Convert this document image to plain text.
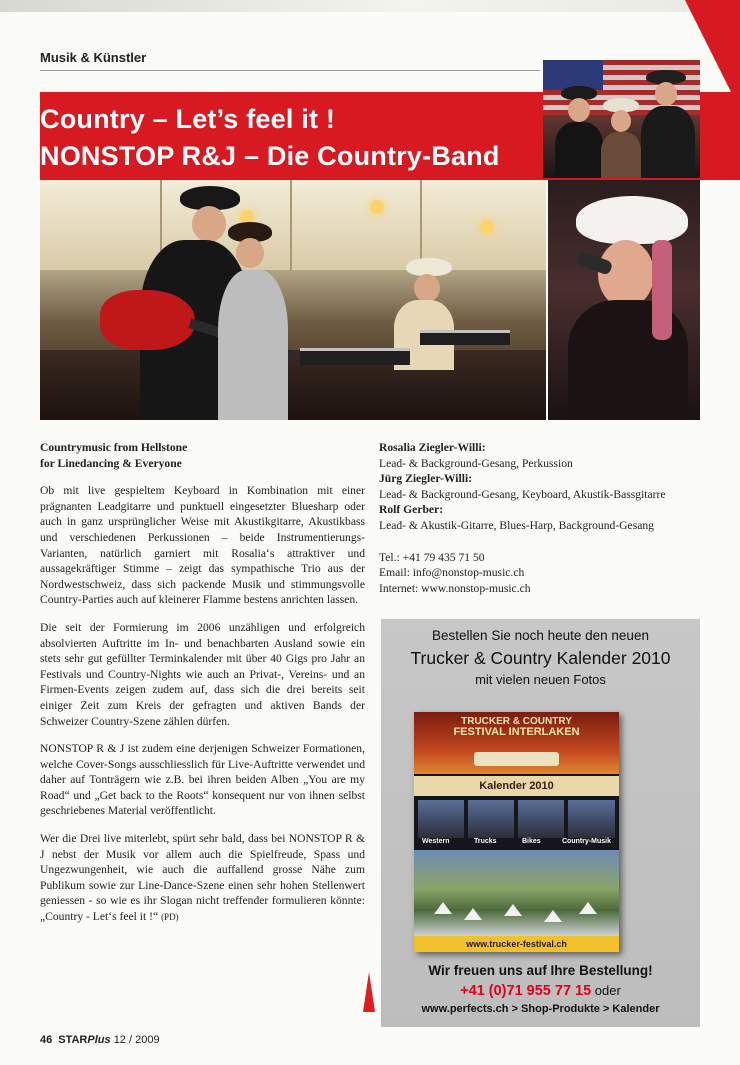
Musik & Künstler
Country – Let’s feel it !
NONSTOP R&J – Die Country-Band
Countrymusic from Hellstone
for Linedancing & Everyone

Ob mit live gespieltem Keyboard in Kombination mit einer prägnanten Leadgitarre und punktuell eingesetzter Bluesharp oder auch in ganz ursprünglicher Weise mit Akustikgitarre, Akustikbass und verschiedenen Perkussionen – beide Instrumentierungs-Varianten, natürlich garniert mit Rosalia‘s attraktiver und aussagekräftiger Stimme – zeigt das sympathische Trio aus der Nordwestschweiz, dass sich packende Musik und stimmungsvolle Country-Parties auch auf kleinerer Flamme bestens anrichten lassen.

Die seit der Formierung im 2006 unzähligen und erfolgreich absolvierten Auftritte im In- und benachbarten Ausland sowie ein stets sehr gut gefüllter Terminkalender mit über 40 Gigs pro Jahr an Festivals und Country-Nights wie auch an Privat-, Vereins- und an Firmen-Events zeigen zudem auf, dass sich die drei bereits seit einiger Zeit zum Kreis der gefragten und aktiven Bands der Schweizer Country-Szene zählen dürfen.

NONSTOP R & J ist zudem eine derjenigen Schweizer Formationen, welche Cover-Songs ausschliesslich für Live-Auftritte verwendet und daher auf Tonträgern wie z.B. bei ihren beiden Alben „You are my Road“ und „Get back to the Roots“ konsequent nur von ihnen selbst geschriebenes Material veröffentlicht.

Wer die Drei live miterlebt, spürt sehr bald, dass bei NONSTOP R & J nebst der Musik vor allem auch die Spielfreude, Spass und Ungezwungenheit, wie auch die auffallend grosse Nähe zum Publikum sowie zur Line-Dance-Szene einen sehr hohen Stellenwert geniessen - so wie es ihr Slogan nicht treffender formulieren könnte: „Country - Let‘s feel it !“ (PD)

Rosalia Ziegler-Willi:
Lead- & Background-Gesang, Perkussion
Jürg Ziegler-Willi:
Lead- & Background-Gesang, Keyboard, Akustik-Bassgitarre
Rolf Gerber:
Lead- & Akustik-Gitarre, Blues-Harp, Background-Gesang
Tel.: +41 79 435 71 50
Email: info@nonstop-music.ch
Internet: www.nonstop-music.ch
Bestellen Sie noch heute den neuen
Trucker & Country Kalender 2010
mit vielen neuen Fotos
TRUCKER & COUNTRY
FESTIVAL INTERLAKEN
Kalender 2010
Western	Trucks	Bikes	Country-Musik
www.trucker-festival.ch
Wir freuen uns auf Ihre Bestellung!
+41 (0)71 955 77 15 oder
www.perfects.ch > Shop-Produkte > Kalender
46 STARPlus 12 / 2009
